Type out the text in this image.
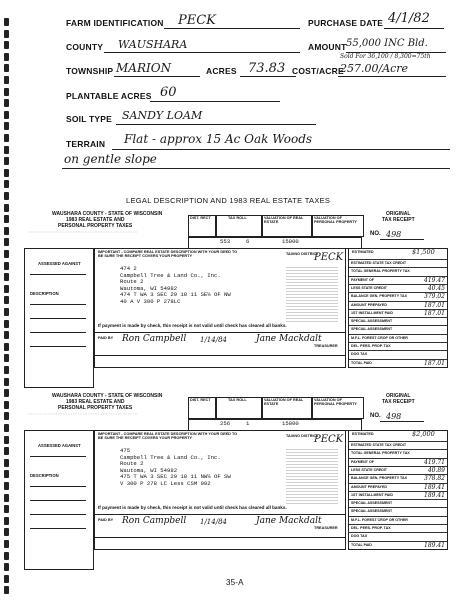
FARM IDENTIFICATION PECK	PURCHASE DATE 4/1/82
COUNTY WAUSHARA	AMOUNT 55,000 INC Bld.
Sold For 36,100 / 8,300=75th
TOWNSHIP MARION	ACRES 73.83 COST/ACRE
257.00/Acre
PLANTABLE ACRES 60
SOIL TYPE SANDY LOAM
TERRAIN Flat - approx 15 Ac Oak Woods
on gentle slope
LEGAL DESCRIPTION AND 1983 REAL ESTATE TAXES
WAUSHARA COUNTY - STATE OF WISCONSIN
1983 REAL ESTATE AND
PERSONAL PROPERTY TAXES
: : : : : : : : : : : : : : : : : : : : : : : : : : : : : : : : : : : : : : : : : : : : : : : : : : : : : : : : : : : : : : : : : :
DIST. RECT	TAX ROLL	VALUATION OF REAL ESTATE
VALUATION OF PERSONAL PROPERTY
553	6	15800
ORIGINAL
TAX RECEIPT
NO. 498
ASSESSED AGAINST
DESCRIPTION
IMPORTANT - COMPARE REAL ESTATE DESCRIPTION WITH YOUR DEED TO BE SURE THE RECEIPT COVERS YOUR PROPERTY
TAXING DISTRICT
PECK
474 2
Campbell Tree & Land Co., Inc.
Route 2
Wautoma, WI 54982
474 T WA 3 SEC 29 18 11 SE¼ OF NW
40 A V 300 P 278LC
If payment is made by check, this receipt is not valid until check has cleared all banks.
PAID BY Ron Campbell 1/14/84	Jane Mackdalt
TREASURER
ESTIMATED STATE TAX CREDIT
TOTAL GENERAL PROPERTY TAX
PAYMENT OF	419.47
LESS STATE CREDIT	40.45
BALANCE GEN. PROPERTY TAX	379.02
AMOUNT PREPAYED	187.01
1ST INSTALLMENT PAID	187.01
SPECIAL ASSESSMENT
SPECIAL ASSESSMENT
M.F.L. FOREST CROP OR OTHER
DEL. PERS. PROP. TAX
DOG TAX
TOTAL PAID	187.01
ESTIMATED	$1,500
WAUSHARA COUNTY - STATE OF WISCONSIN
1983 REAL ESTATE AND
PERSONAL PROPERTY TAXES
: : : : : : : : : : : : : : : : : : : : : : : : : : : : : : : : : : : : : : : : : : : : : : : : : : : : : : : : : : : : : : : : : :
DIST. RECT	TAX ROLL	VALUATION OF REAL ESTATE
VALUATION OF PERSONAL PROPERTY
256	1	15800
ORIGINAL
TAX RECEIPT
NO. 498
ASSESSED AGAINST
DESCRIPTION
IMPORTANT - COMPARE REAL ESTATE DESCRIPTION WITH YOUR DEED TO BE SURE THE RECEIPT COVERS YOUR PROPERTY
TAXING DISTRICT
PECK
475
Campbell Tree & Land Co., Inc.
Route 2
Wautoma, WI 54982
475 T WA 3 SEC 29 18 11 NW¼ OF SW
V 300 P 278 LC Less CSM 992
If payment is made by check, this receipt is not valid until check has cleared all banks.
PAID BY Ron Campbell 1/14/84	Jane Mackdalt
TREASURER
ESTIMATED STATE TAX CREDIT
TOTAL GENERAL PROPERTY TAX
PAYMENT OF	419.71
LESS STATE CREDIT	40.89
BALANCE GEN. PROPERTY TAX	378.82
AMOUNT PREPAYED	189.41
1ST INSTALLMENT PAID	189.41
SPECIAL ASSESSMENT
SPECIAL ASSESSMENT
M.F.L. FOREST CROP OR OTHER
DEL. PERS. PROP. TAX
DOG TAX
TOTAL PAID	189.41
ESTIMATED	$2,000
35-A
